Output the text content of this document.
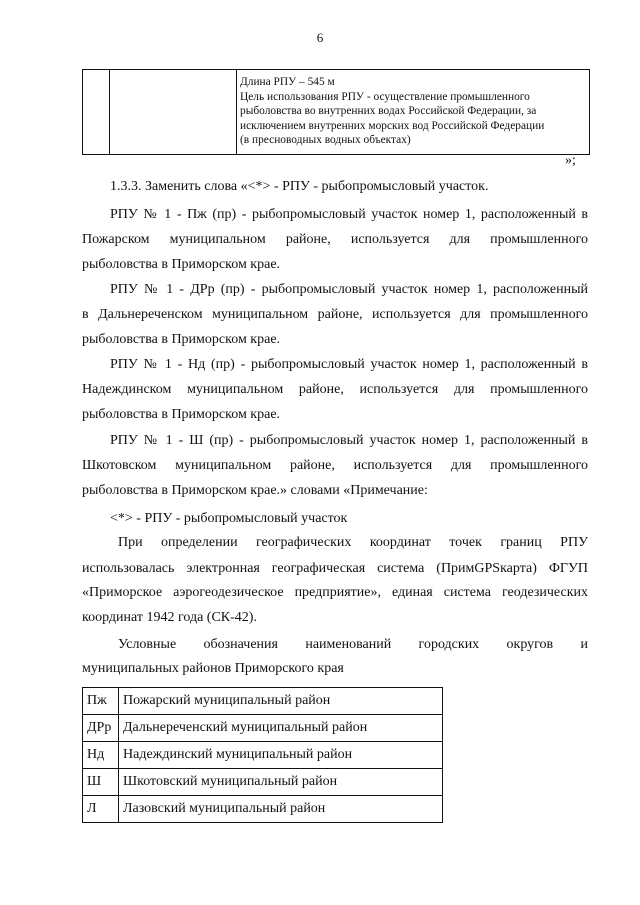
6

Длина РПУ – 545 м
Цель использования РПУ - осуществление промышленного
рыболовства во внутренних водах Российской Федерации, за
исключением внутренних морских вод Российской Федерации
(в пресноводных водных объектах)
»;
1.3.3. Заменить слова «<*> - РПУ - рыбопромысловый участок.
РПУ № 1 - Пж (пр) - рыбопромысловый участок номер 1, расположенный в
Пожарском муниципальном районе, используется для промышленного
рыболовства в Приморском крае.
РПУ № 1 - ДРр (пр) - рыбопромысловый участок номер 1, расположенный
в Дальнереченском муниципальном районе, используется для промышленного
рыболовства в Приморском крае.
РПУ № 1 - Нд (пр) - рыбопромысловый участок номер 1, расположенный в
Надеждинском муниципальном районе, используется для промышленного
рыболовства в Приморском крае.
РПУ № 1 - Ш (пр) - рыбопромысловый участок номер 1, расположенный в
Шкотовском муниципальном районе, используется для промышленного
рыболовства в Приморском крае.» словами «Примечание:
<*> - РПУ - рыбопромысловый участок
При определении географических координат точек границ РПУ
использовалась электронная географическая система (ПримGPSкарта) ФГУП
«Приморское аэрогеодезическое предприятие», единая система геодезических
координат 1942 года (СК-42).
Условные обозначения наименований городских округов и
муниципальных районов Приморского края
Пж	Пожарский муниципальный район
ДРр	Дальнереченский муниципальный район
Нд	Надеждинский муниципальный район
Ш	Шкотовский муниципальный район
Л	Лазовский муниципальный район
